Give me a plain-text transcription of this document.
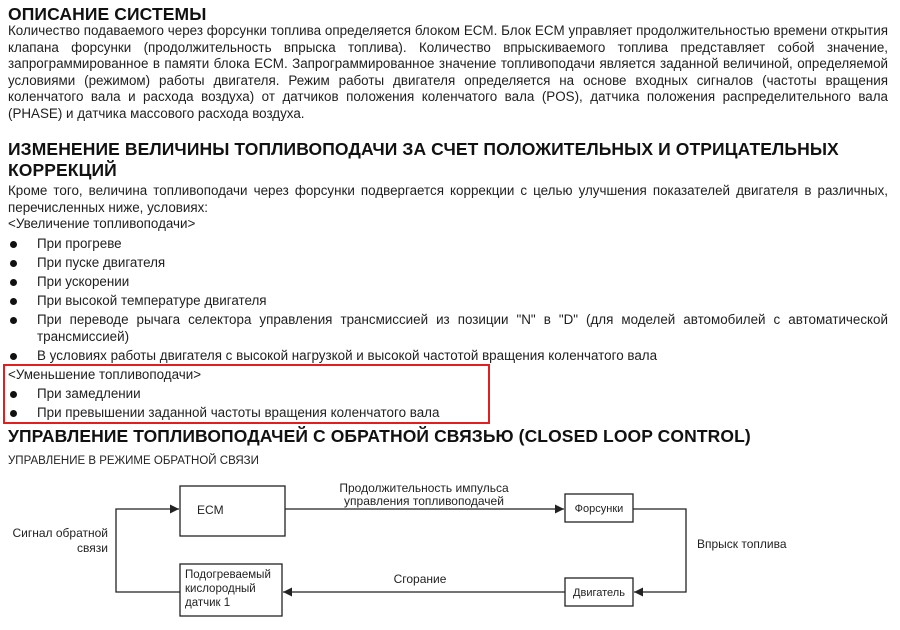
ОПИСАНИЕ СИСТЕМЫ

Количество подаваемого через форсунки топлива определяется блоком ECM. Блок ECM управляет продолжительностью времени открытия клапана форсунки (продолжительность впрыска топлива). Количество впрыскиваемого топлива представляет собой значение, запрограммированное в памяти блока ECM. Запрограммированное значение топливоподачи является заданной величиной, определяемой условиями (режимом) работы двигателя. Режим работы двигателя определяется на основе входных сигналов (частоты вращения коленчатого вала и расхода воздуха) от датчиков положения коленчатого вала (POS), датчика положения распределительного вала (PHASE) и датчика массового расхода воздуха.

ИЗМЕНЕНИЕ ВЕЛИЧИНЫ ТОПЛИВОПОДАЧИ ЗА СЧЕТ ПОЛОЖИТЕЛЬНЫХ И ОТРИЦАТЕЛЬНЫХ
КОРРЕКЦИЙ

Кроме того, величина топливоподачи через форсунки подвергается коррекции с целью улучшения показателей двигателя в различных, перечисленных ниже, условиях:

<Увеличение топливоподачи>

При прогреве

При пуске двигателя

При ускорении

При высокой температуре двигателя

При переводе рычага селектора управления трансмиссией из позиции "N" в "D" (для моделей автомобилей с автоматической трансмиссией)

В условиях работы двигателя с высокой нагрузкой и высокой частотой вращения коленчатого вала

<Уменьшение топливоподачи>

При замедлении

При превышении заданной частоты вращения коленчатого вала

УПРАВЛЕНИЕ ТОПЛИВОПОДАЧЕЙ С ОБРАТНОЙ СВЯЗЬЮ (CLOSED LOOP CONTROL)
УПРАВЛЕНИЕ В РЕЖИМЕ ОБРАТНОЙ СВЯЗИ
ECM	Форсунки
Двигатель
Подогреваемый
кислородный
датчик 1
Продолжительность импульса
управления топливоподачей
Впрыск топлива
Сгорание
Сигнал обратной
связи
